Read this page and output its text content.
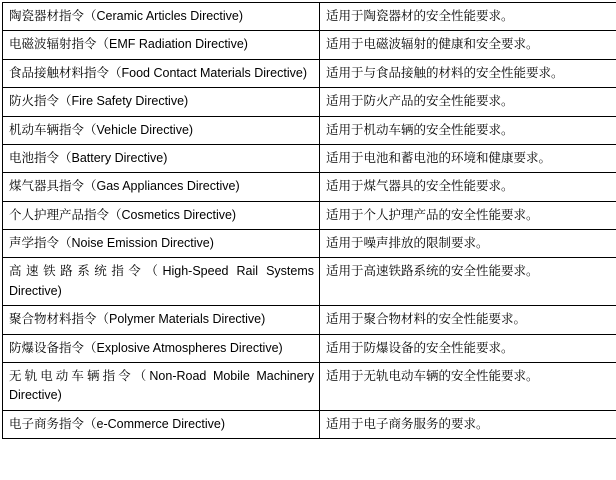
陶瓷器材指令（Ceramic Articles Directive)	适用于陶瓷器材的安全性能要求。
电磁波辐射指令（EMF Radiation Directive)	适用于电磁波辐射的健康和安全要求。
食品接触材料指令（Food Contact Materials Directive)	适用于与食品接触的材料的安全性能要求。
防火指令（Fire Safety Directive)	适用于防火产品的安全性能要求。
机动车辆指令（Vehicle Directive)	适用于机动车辆的安全性能要求。
电池指令（Battery Directive)	适用于电池和蓄电池的环境和健康要求。
煤气器具指令（Gas Appliances Directive)	适用于煤气器具的安全性能要求。
个人护理产品指令（Cosmetics Directive)	适用于个人护理产品的安全性能要求。
声学指令（Noise Emission Directive)	适用于噪声排放的限制要求。
高速铁路系统指令（High-Speed Rail Systems Directive)	适用于高速铁路系统的安全性能要求。
聚合物材料指令（Polymer Materials Directive)	适用于聚合物材料的安全性能要求。
防爆设备指令（Explosive Atmospheres Directive)	适用于防爆设备的安全性能要求。
无轨电动车辆指令（Non-Road Mobile Machinery Directive)	适用于无轨电动车辆的安全性能要求。
电子商务指令（e-Commerce Directive)	适用于电子商务服务的要求。
